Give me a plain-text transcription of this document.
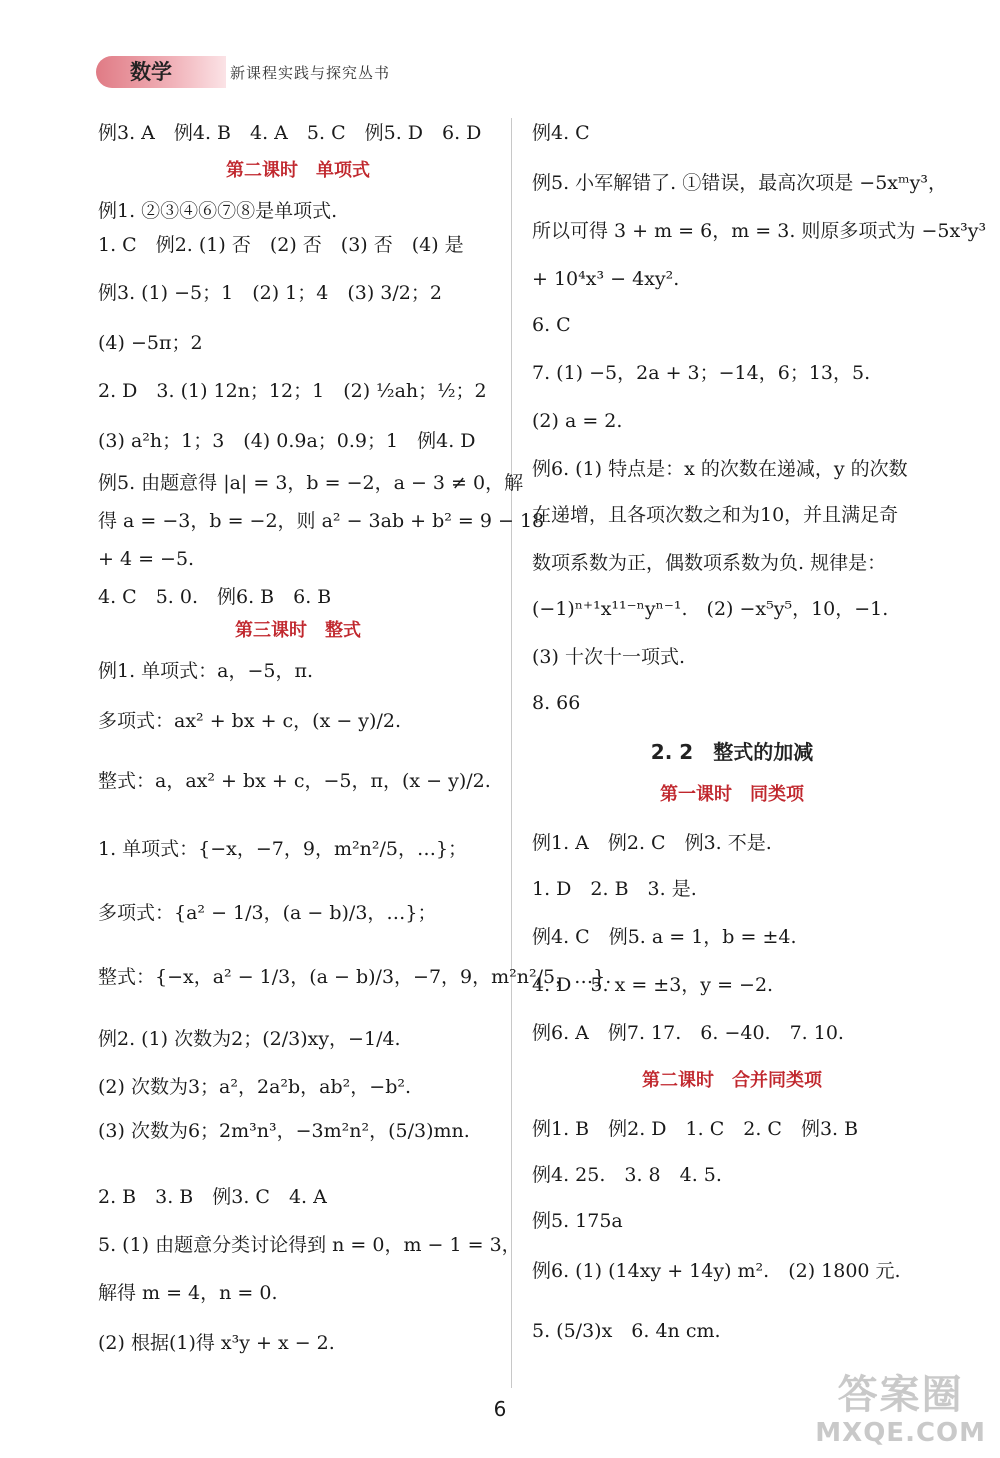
数学	新课程实践与探究丛书
例3. A　例4. B　4. A　5. C　例5. D　6. D
第二课时　单项式
例1. ②③④⑥⑦⑧是单项式.
1. C　例2. (1) 否　(2) 否　(3) 否　(4) 是
例3. (1) −5；1　(2) 1；4　(3) 3/2；2
(4) −5π；2
2. D　3. (1) 12n；12；1　(2) ½ah；½；2
(3) a²h；1；3　(4) 0.9a；0.9；1　例4. D
例5. 由题意得 |a| = 3，b = −2，a − 3 ≠ 0，解
得 a = −3，b = −2，则 a² − 3ab + b² = 9 − 18
+ 4 = −5.
4. C　5. 0.　例6. B　6. B
第三课时　整式
例1. 单项式：a，−5，π.
多项式：ax² + bx + c，(x − y)/2.
整式：a，ax² + bx + c，−5，π，(x − y)/2.
1. 单项式：{−x，−7，9，m²n²/5，…}；
多项式：{a² − 1/3，(a − b)/3，…}；
整式：{−x，a² − 1/3，(a − b)/3，−7，9，m²n²/5，…}.
例2. (1) 次数为2；(2/3)xy，−1/4.
(2) 次数为3；a²，2a²b，ab²，−b².
(3) 次数为6；2m³n³，−3m²n²，(5/3)mn.
2. B　3. B　例3. C　4. A
5. (1) 由题意分类讨论得到 n = 0，m − 1 = 3，
解得 m = 4，n = 0.
(2) 根据(1)得 x³y + x − 2.
例4. C
例5. 小军解错了. ①错误，最高次项是 −5xᵐy³，
所以可得 3 + m = 6，m = 3. 则原多项式为 −5x³y³
+ 10⁴x³ − 4xy².
6. C
7. (1) −5，2a + 3；−14，6；13，5.
(2) a = 2.
例6. (1) 特点是：x 的次数在递减，y 的次数
在递增，且各项次数之和为10，并且满足奇
数项系数为正，偶数项系数为负. 规律是：
(−1)ⁿ⁺¹x¹¹⁻ⁿyⁿ⁻¹.　(2) −x⁵y⁵，10，−1.
(3) 十次十一项式.
8. 66
2. 2　整式的加减
第一课时　同类项
例1. A　例2. C　例3. 不是.
1. D　2. B　3. 是.
例4. C　例5. a = 1，b = ±4.
4. D　5. x = ±3，y = −2.
例6. A　例7. 17.　6. −40.　7. 10.
第二课时　合并同类项
例1. B　例2. D　1. C　2. C　例3. B
例4. 25.　3. 8　4. 5.
例5. 175a
例6. (1) (14xy + 14y) m².　(2) 1800 元.
5. (5/3)x　6. 4n cm.
6	答案圈
MXQE.COM
